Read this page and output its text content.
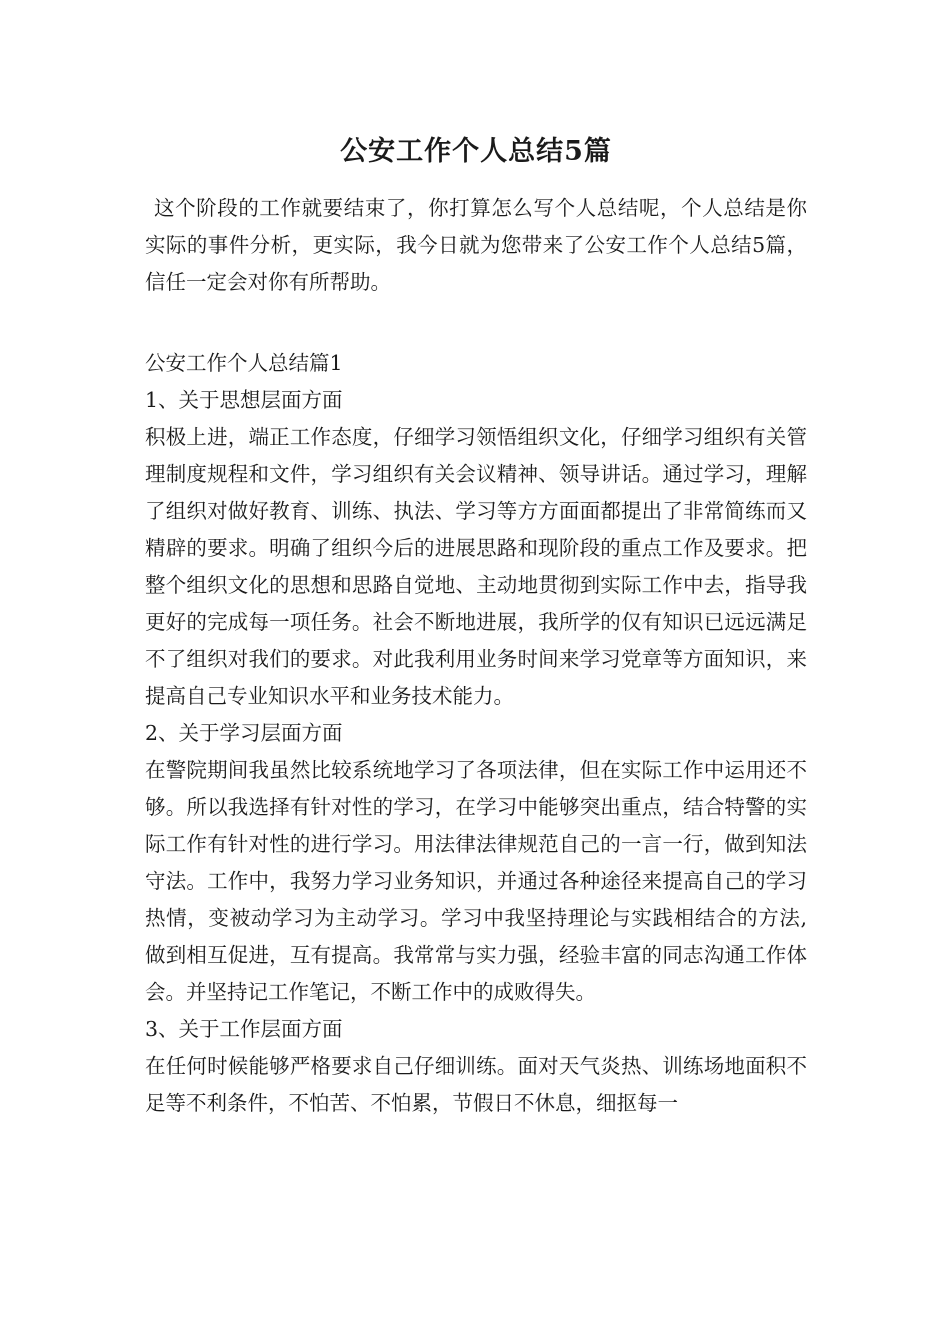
公安工作个人总结5篇

这个阶段的工作就要结束了，你打算怎么写个人总结呢，个人总结是你实际的事件分析，更实际，我今日就为您带来了公安工作个人总结5篇，信任一定会对你有所帮助。

公安工作个人总结篇1

1、关于思想层面方面

积极上进，端正工作态度，仔细学习领悟组织文化，仔细学习组织有关管理制度规程和文件，学习组织有关会议精神、领导讲话。通过学习，理解了组织对做好教育、训练、执法、学习等方方面面都提出了非常简练而又精辟的要求。明确了组织今后的进展思路和现阶段的重点工作及要求。把整个组织文化的思想和思路自觉地、主动地贯彻到实际工作中去，指导我更好的完成每一项任务。社会不断地进展，我所学的仅有知识已远远满足不了组织对我们的要求。对此我利用业务时间来学习党章等方面知识，来提高自己专业知识水平和业务技术能力。

2、关于学习层面方面

在警院期间我虽然比较系统地学习了各项法律，但在实际工作中运用还不够。所以我选择有针对性的学习，在学习中能够突出重点，结合特警的实际工作有针对性的进行学习。用法律法律规范自己的一言一行，做到知法守法。工作中，我努力学习业务知识，并通过各种途径来提高自己的学习热情，变被动学习为主动学习。学习中我坚持理论与实践相结合的方法,做到相互促进，互有提高。我常常与实力强，经验丰富的同志沟通工作体会。并坚持记工作笔记，不断工作中的成败得失。

3、关于工作层面方面

在任何时候能够严格要求自己仔细训练。面对天气炎热、训练场地面积不足等不利条件，不怕苦、不怕累，节假日不休息，细抠每一
